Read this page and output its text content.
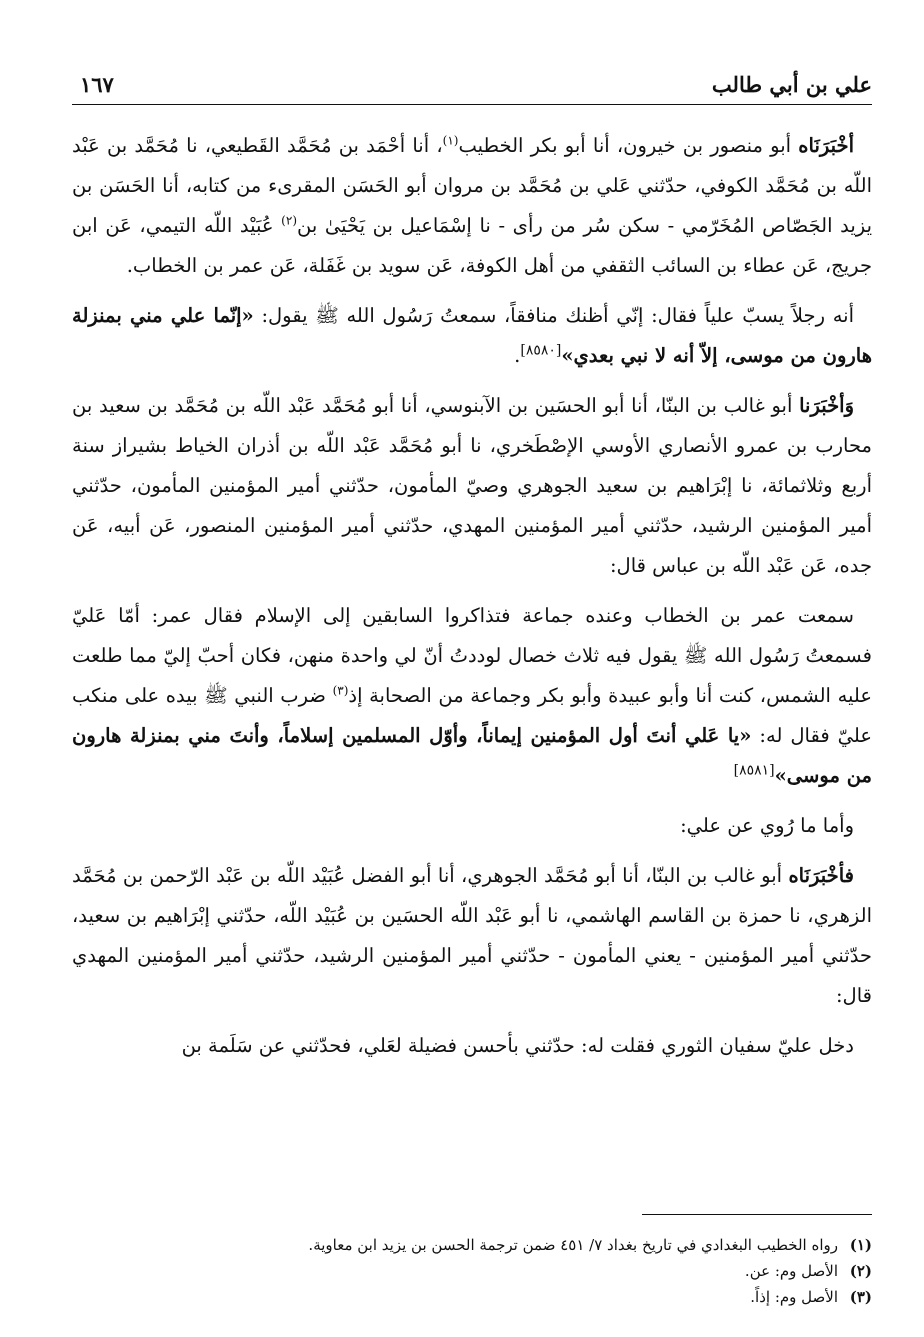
علي بن أبي طالب
١٦٧

أخْبَرَنَاه أبو منصور بن خيرون، أنا أبو بكر الخطيب$^{(١)}$، أنا أحْمَد بن مُحَمَّد القَطيعي، نا مُحَمَّد بن عَبْد اللّه بن مُحَمَّد الكوفي، حدّثني عَلي بن مُحَمَّد بن مروان أبو الحَسَن المقرىء من كتابه، أنا الحَسَن بن يزيد الجَصّاص المُخَرّمي - سكن سُر من رأى - نا إسْمَاعيل بن يَحْيَىٰ بن$^{(٢)}$ عُبَيْد اللّه التيمي، عَن ابن جريج، عَن عطاء بن السائب الثقفي من أهل الكوفة، عَن سويد بن غَفَلة، عَن عمر بن الخطاب.

أنه رجلاً يسبّ علياً فقال: إنّي أظنك منافقاً، سمعتُ رَسُول الله ﷺ يقول: «إنّما علي مني بمنزلة هارون من موسى، إلاّ أنه لا نبي بعدي»[٨٥٨٠].

وَأخْبَرَنا أبو غالب بن البنّا، أنا أبو الحسَين بن الآبنوسي، أنا أبو مُحَمَّد عَبْد اللّه بن مُحَمَّد بن سعيد بن محارب بن عمرو الأنصاري الأوسي الإصْطَخري، نا أبو مُحَمَّد عَبْد اللّه بن أذران الخياط بشيراز سنة أربع وثلاثمائة، نا إبْرَاهيم بن سعيد الجوهري وصيّ المأمون، حدّثني أمير المؤمنين المأمون، حدّثني أمير المؤمنين الرشيد، حدّثني أمير المؤمنين المهدي، حدّثني أمير المؤمنين المنصور، عَن أبيه، عَن جده، عَن عَبْد اللّه بن عباس قال:

سمعت عمر بن الخطاب وعنده جماعة فتذاكروا السابقين إلى الإسلام فقال عمر: أمّا عَليّ فسمعتُ رَسُول الله ﷺ يقول فيه ثلاث خصال لوددتُ أنّ لي واحدة منهن، فكان أحبّ إليّ مما طلعت عليه الشمس، كنت أنا وأبو عبيدة وأبو بكر وجماعة من الصحابة إذ$^{(٣)}$ ضرب النبي ﷺ بيده على منكب عليّ فقال له: «يا عَلي أنتَ أول المؤمنين إيماناً، وأوّل المسلمين إسلاماً، وأنتَ مني بمنزلة هارون من موسى»[٨٥٨١]

وأما ما رُوي عن علي:

فأخْبَرَنَاه أبو غالب بن البنّا، أنا أبو مُحَمَّد الجوهري، أنا أبو الفضل عُبَيْد اللّه بن عَبْد الرّحمن بن مُحَمَّد الزهري، نا حمزة بن القاسم الهاشمي، نا أبو عَبْد اللّه الحسَين بن عُبَيْد اللّه، حدّثني إبْرَاهيم بن سعيد، حدّثني أمير المؤمنين - يعني المأمون - حدّثني أمير المؤمنين الرشيد، حدّثني أمير المؤمنين المهدي قال:

دخل عليّ سفيان الثوري فقلت له: حدّثني بأحسن فضيلة لعَلي، فحدّثني عن سَلَمة بن

(١)رواه الخطيب البغدادي في تاريخ بغداد ٧/ ٤٥١ ضمن ترجمة الحسن بن يزيد ابن معاوية.
(٢)الأصل وم: عن.
(٣)الأصل وم: إذاً.
